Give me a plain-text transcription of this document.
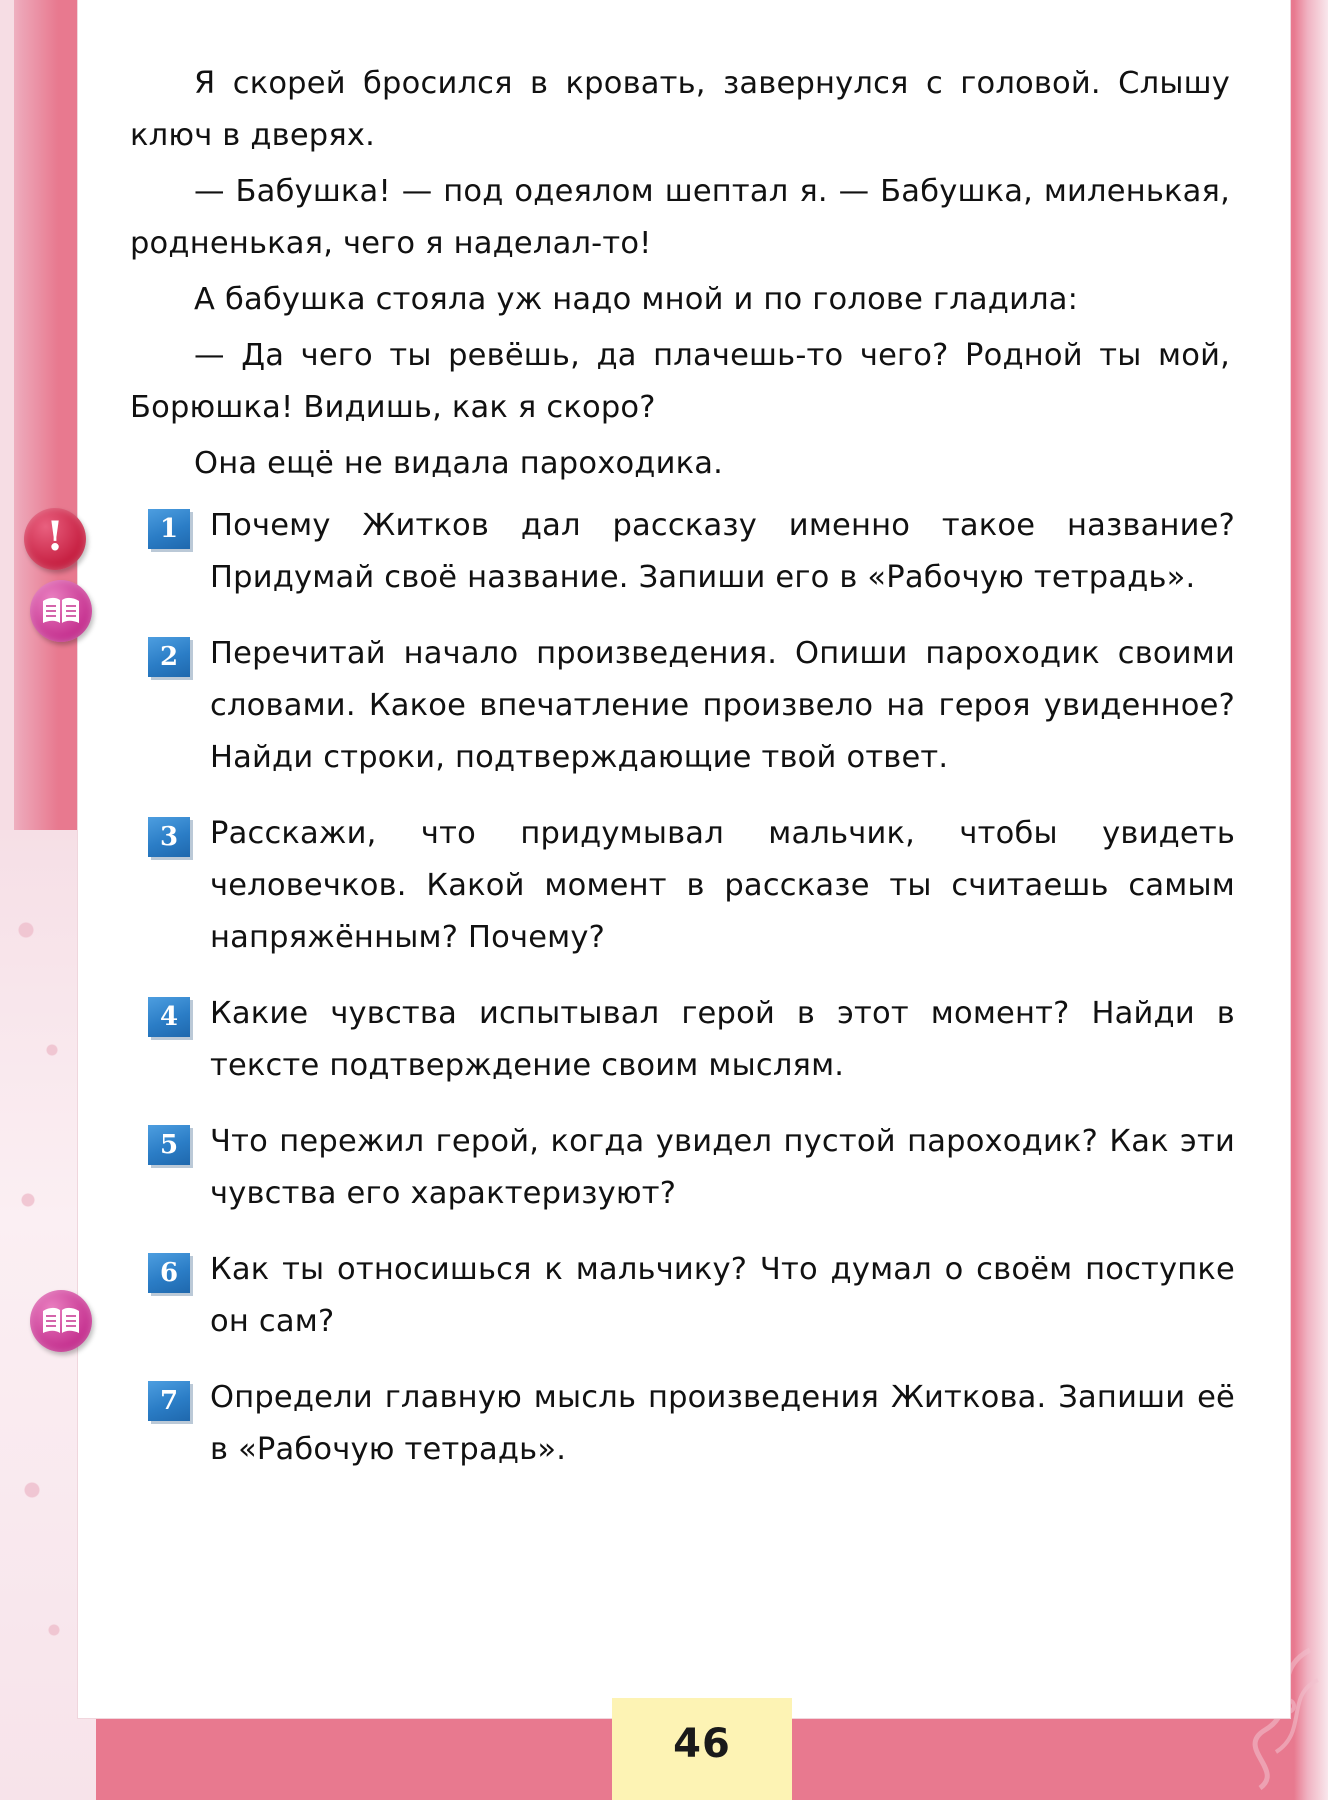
Я скорей бросился в кровать, завернулся с головой. Слышу ключ в дверях.

— Бабушка! — под одеялом шептал я. — Бабушка, миленькая, родненькая, чего я наделал-то!

А бабушка стояла уж надо мной и по голове гладила:

— Да чего ты ревёшь, да плачешь-то чего? Родной ты мой, Борюшка! Видишь, как я скоро?

Она ещё не видала пароходика.

1	Почему Житков дал рассказу именно такое название? Придумай своё название. Запиши его в «Рабочую тетрадь».

2	Перечитай начало произведения. Опиши пароходик своими словами. Какое впечатление произвело на героя увиденное? Найди строки, подтверждающие твой ответ.

3	Расскажи, что придумывал мальчик, чтобы увидеть человечков. Какой момент в рассказе ты считаешь самым напряжённым? Почему?

4	Какие чувства испытывал герой в этот момент? Найди в тексте подтверждение своим мыслям.

5	Что пережил герой, когда увидел пустой пароходик? Как эти чувства его характеризуют?

6	Как ты относишься к мальчику? Что думал о своём поступке он сам?

7	Определи главную мысль произведения Житкова. Запиши её в «Рабочую тетрадь».

!
46
